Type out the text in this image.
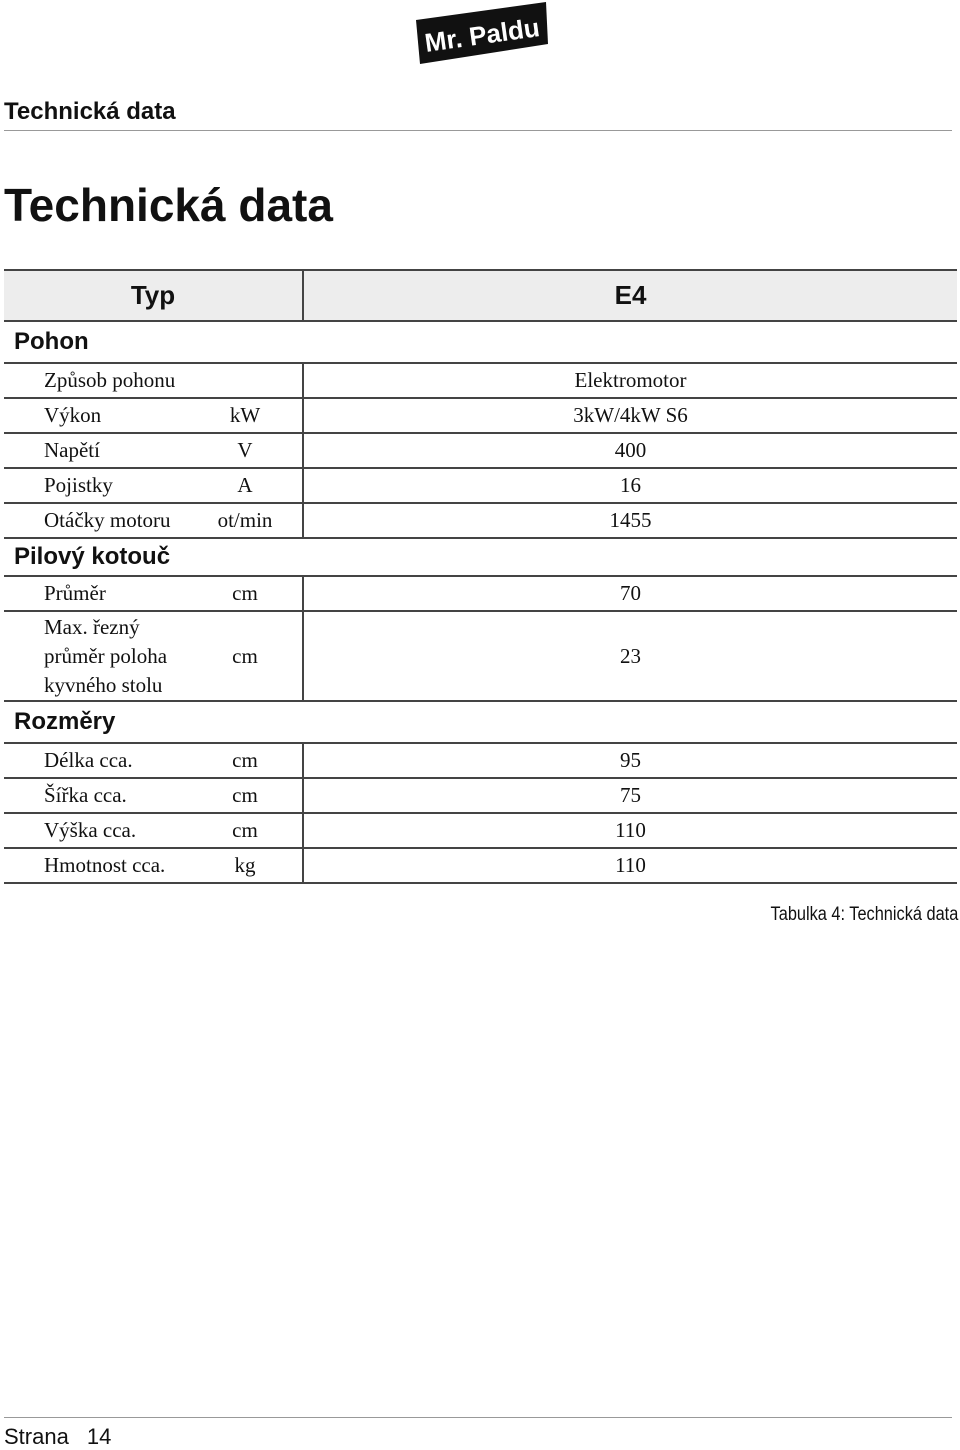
Mr. Paldu
Technická data
Technická data
Typ		E4
Pohon		
Způsob pohonu		Elektromotor
Výkon	kW	3kW/4kW S6
Napětí	V	400
Pojistky	A	16
Otáčky motoru	ot/min	1455
Pilový kotouč		
Průměr	cm	70
Max. řezný průměr poloha kyvného stolu	cm	23
Rozměry		
Délka cca.	cm	95
Šířka cca.	cm	75
Výška cca.	cm	110
Hmotnost cca.	kg	110
Tabulka 4: Technická data
Strana 14
